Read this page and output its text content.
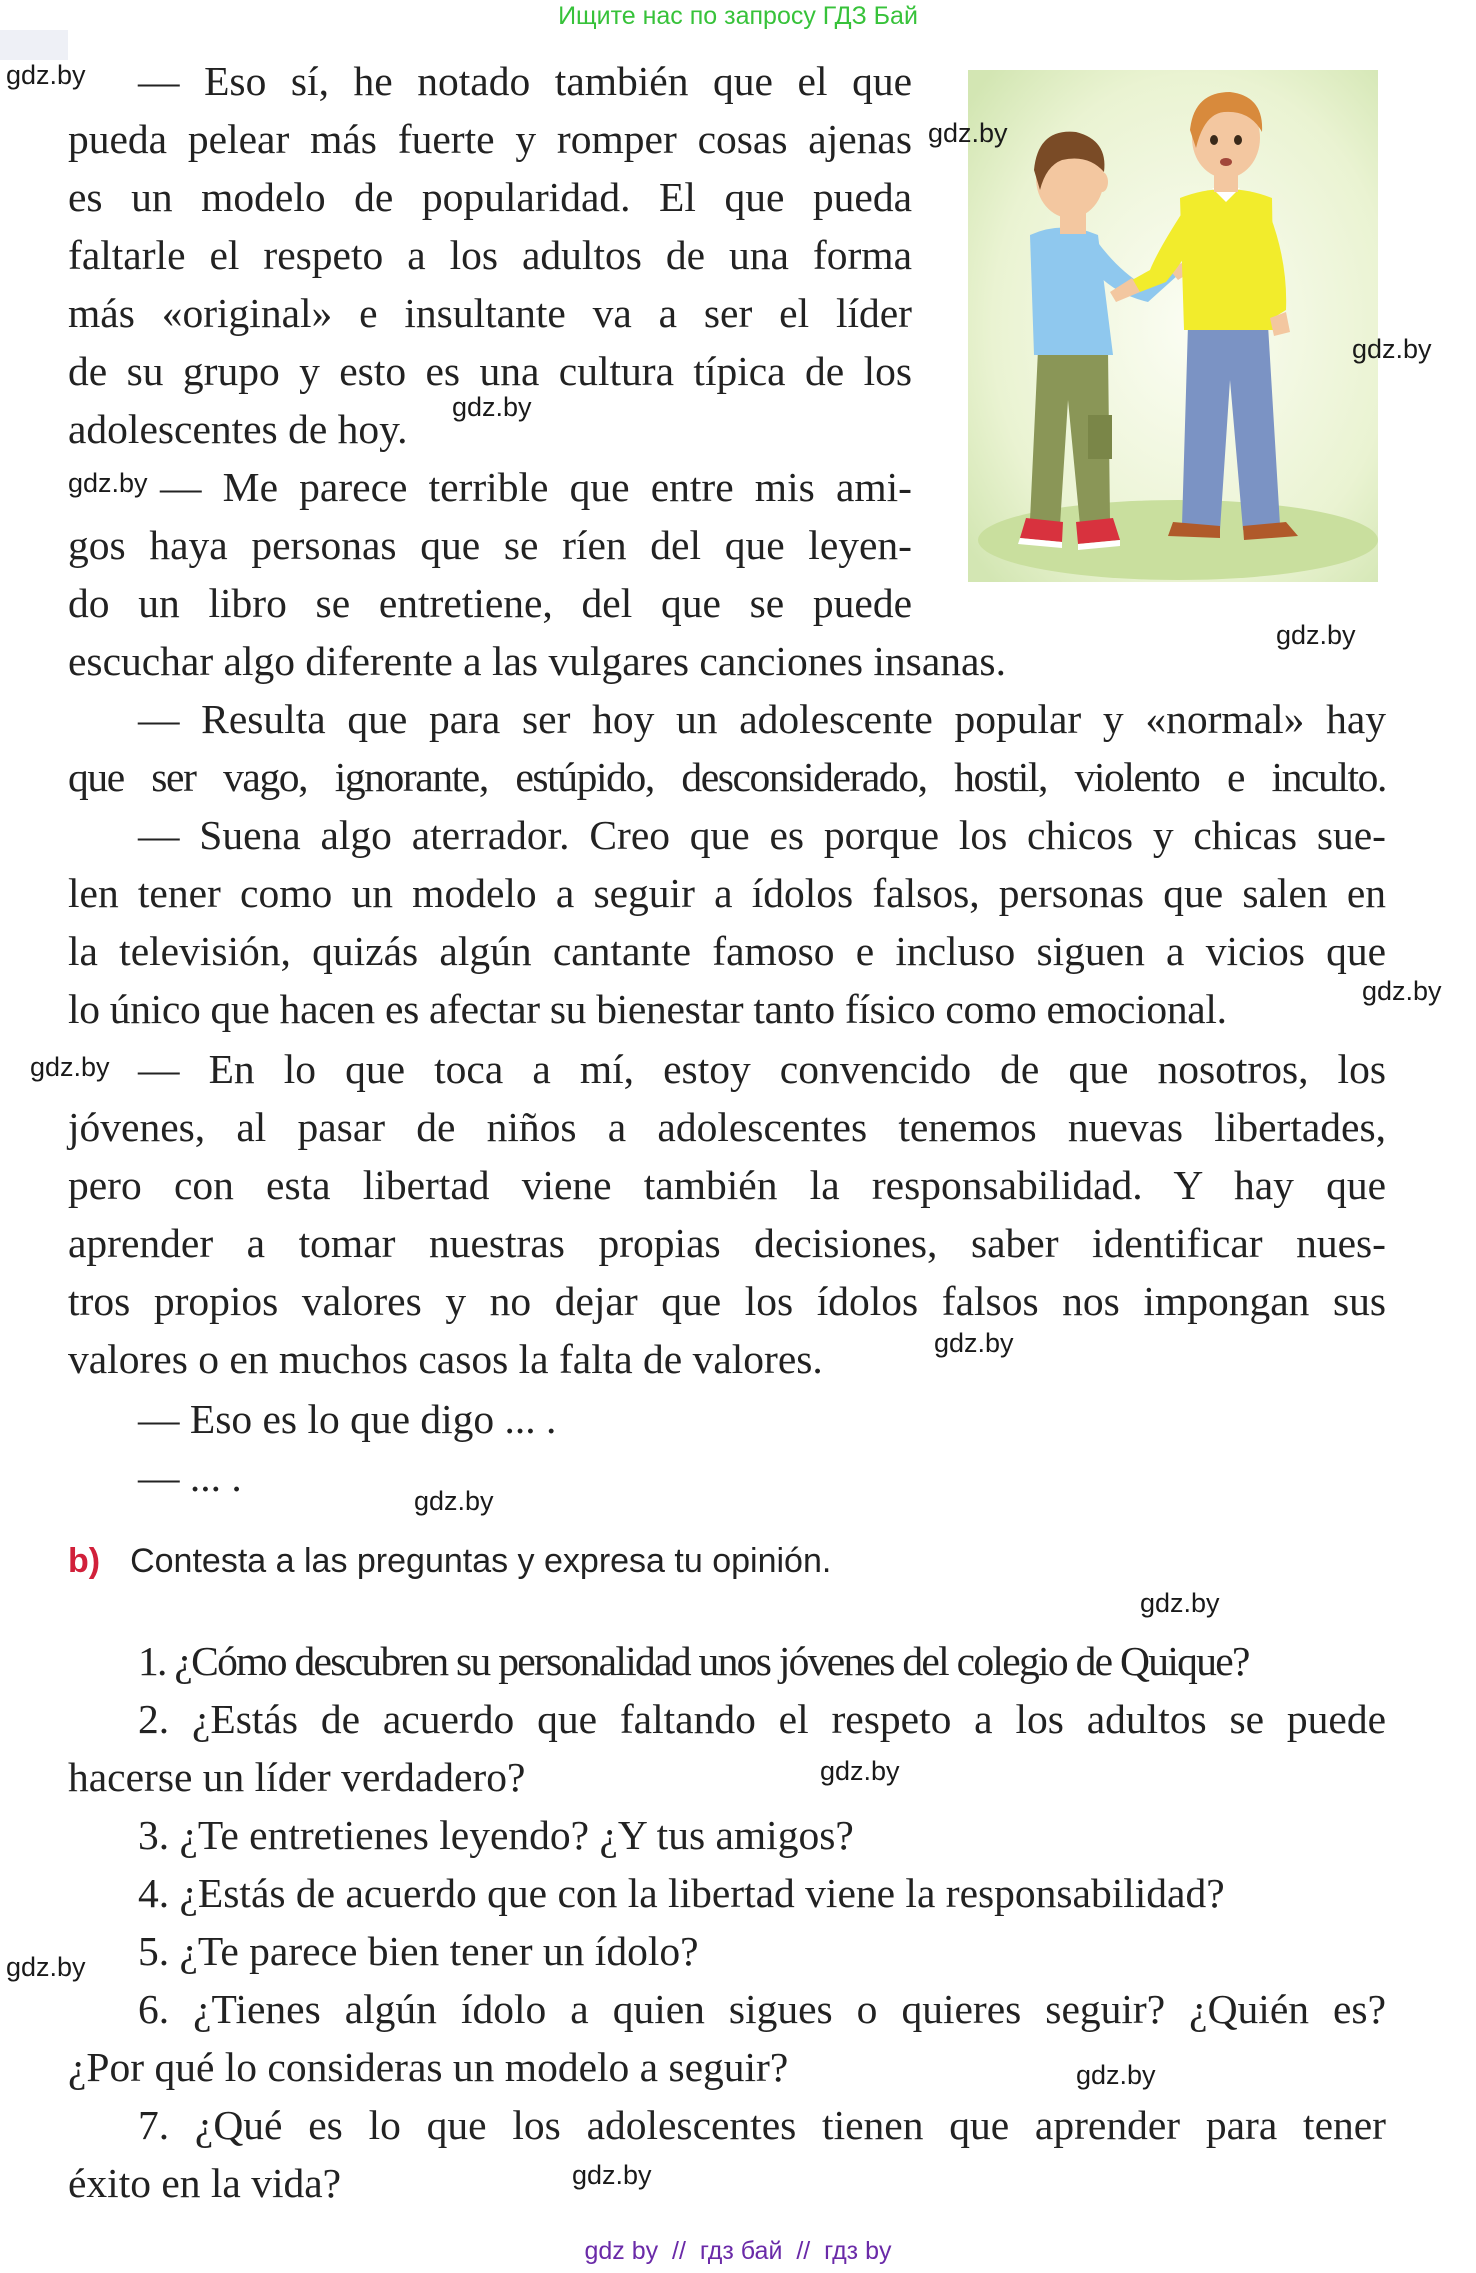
Ищите нас по запросу ГДЗ Бай
— Eso sí, he notado también que el que
pueda pelear más fuerte y romper cosas ajenas
es un modelo de popularidad. El que pueda
faltarle el respeto a los adultos de una forma
más «original» e insultante va a ser el líder
de su grupo y esto es una cultura típica de los
adolescentes de hoy.
— Me parece terrible que entre mis ami-
gos haya personas que se ríen del que leyen-
do un libro se entretiene, del que se puede
escuchar algo diferente a las vulgares canciones insanas.
— Resulta que para ser hoy un adolescente popular y «normal» hay
que ser vago, ignorante, estúpido, desconsiderado, hostil, violento e inculto.
— Suena algo aterrador. Creo que es porque los chicos y chicas sue-
len tener como un modelo a seguir a ídolos falsos, personas que salen en
la televisión, quizás algún cantante famoso e incluso siguen a vicios que
lo único que hacen es afectar su bienestar tanto físico como emocional.
— En lo que toca a mí, estoy convencido de que nosotros, los
jóvenes, al pasar de niños a adolescentes tenemos nuevas libertades,
pero con esta libertad viene también la responsabilidad. Y hay que
aprender a tomar nuestras propias decisiones, saber identificar nues-
tros propios valores y no dejar que los ídolos falsos nos impongan sus
valores o en muchos casos la falta de valores.
— Eso es lo que digo ... .
— ... .
b) Contesta a las preguntas y expresa tu opinión.
1. ¿Cómo descubren su personalidad unos jóvenes del colegio de Quique?
2. ¿Estás de acuerdo que faltando el respeto a los adultos se puede
hacerse un líder verdadero?
3. ¿Te entretienes leyendo? ¿Y tus amigos?
4. ¿Estás de acuerdo que con la libertad viene la responsabilidad?
5. ¿Te parece bien tener un ídolo?
6. ¿Tienes algún ídolo a quien sigues o quieres seguir? ¿Quién es?
¿Por qué lo consideras un modelo a seguir?
7. ¿Qué es lo que los adolescentes tienen que aprender para tener
éxito en la vida?
gdz.by
gdz.by
gdz.by
gdz.by
gdz.by
gdz.by
gdz.by
gdz.by
gdz.by
gdz.by
gdz.by
gdz.by
gdz.by
gdz.by
gdz.by
gdz by  //  гдз бай  //  гдз by
